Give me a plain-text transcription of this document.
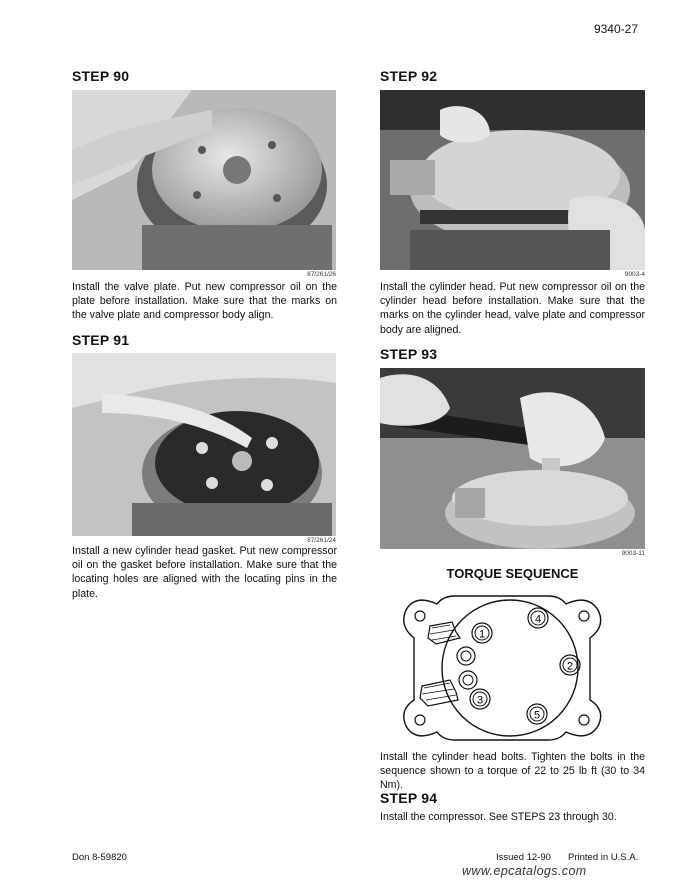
9340-27
STEP 90
87/261/26
Install the valve plate. Put new compressor oil on the plate before installation. Make sure that the marks on the valve plate and compressor body align.
STEP 91
87/261/24
Install a new cylinder head gasket. Put new compressor oil on the gasket before installation. Make sure that the locating holes are aligned with the locating pins in the plate.
STEP 92
9003-4
Install the cylinder head. Put new compressor oil on the cylinder head before installation. Make sure that the marks on the cylinder head, valve plate and compressor body are aligned.
STEP 93
9003-11
TORQUE SEQUENCE
1
4
2
3
5
Install the cylinder head bolts. Tighten the bolts in the sequence shown to a torque of 22 to 25 lb ft (30 to 34 Nm).
STEP 94
Install the compressor. See STEPS 23 through 30.
Don 8-59820	Issued 12-90 Printed in U.S.A.
www.epcatalogs.com
